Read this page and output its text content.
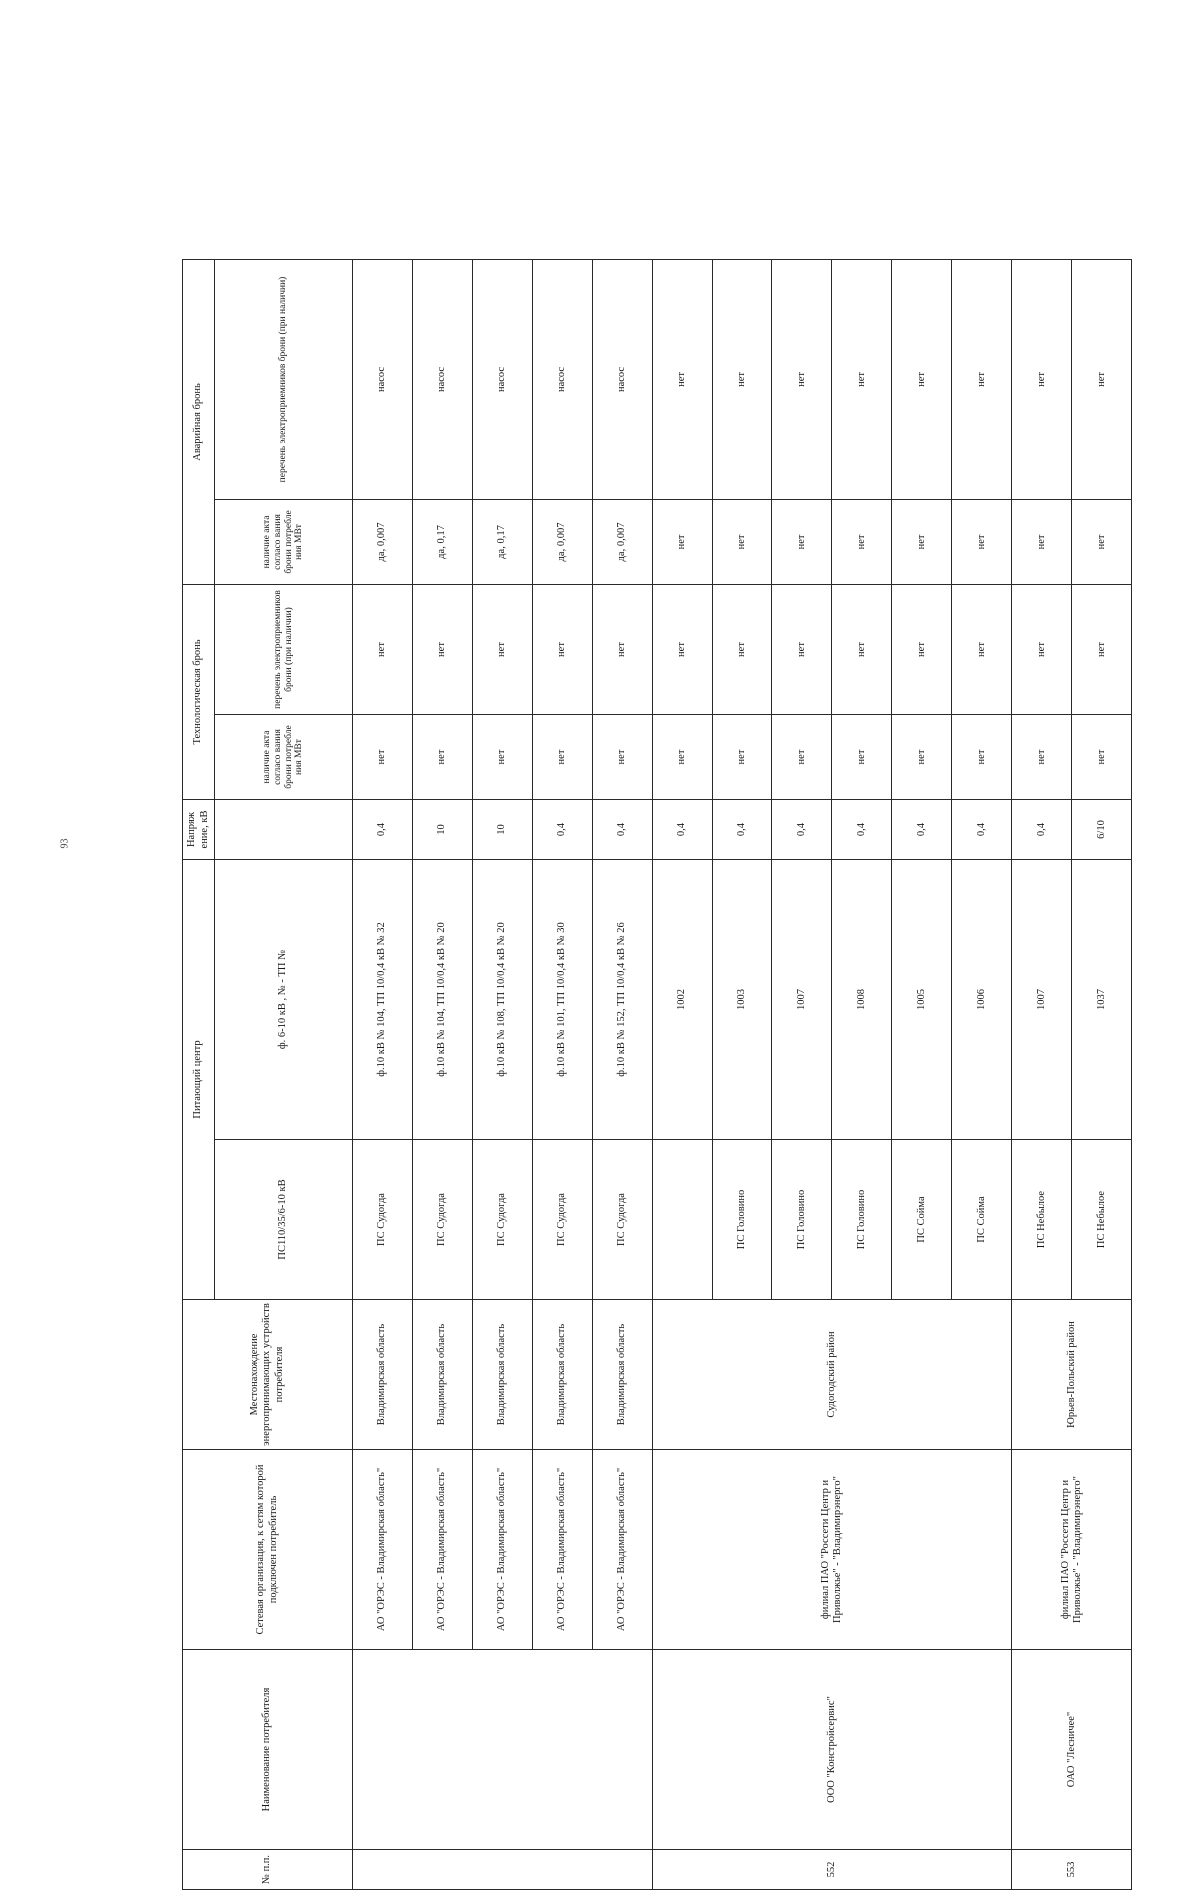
93
№ п.п.	Наименование потребителя	Сетевая организация, к сетям которой подключен потребитель	Местонахождение энергопринимающих устройств потребителя	Питающий центр		Напряж ение, кВ	Технологическая бронь		Аварийная бронь	
				ПС110/35/6-10 кВ	ф. 6-10 кВ , № - ТП №		наличие акта согласо вания брони потребле ния МВт	перечень электроприемников брони (при наличии)	наличие акта согласо вания брони потребле ния МВт	перечень электроприемников брони (при наличии)
		АО "ОРЭС - Владимирская область"	Владимирская область	ПС Судогда	ф.10 кВ № 104, ТП 10/0,4 кВ № 32	0,4	нет	нет	да, 0,007	насос
		АО "ОРЭС - Владимирская область"	Владимирская область	ПС Судогда	ф.10 кВ № 104, ТП 10/0,4 кВ № 20	10	нет	нет	да, 0,17	насос
		АО "ОРЭС - Владимирская область"	Владимирская область	ПС Судогда	ф.10 кВ № 108, ТП 10/0,4 кВ № 20	10	нет	нет	да, 0,17	насос
		АО "ОРЭС - Владимирская область"	Владимирская область	ПС Судогда	ф.10 кВ № 101, ТП 10/0,4 кВ № 30	0,4	нет	нет	да, 0,007	насос
		АО "ОРЭС - Владимирская область"	Владимирская область	ПС Судогда	ф.10 кВ № 152, ТП 10/0,4 кВ № 26	0,4	нет	нет	да, 0,007	насос
552	ООО "Констройсервис"	филиал ПАО "Россети Центр и Приволжье" - "Владимирэнерго"	Судогодский район		1002	0,4	нет	нет	нет	нет
				ПС Головино	1003	0,4	нет	нет	нет	нет
				ПС Головино	1007	0,4	нет	нет	нет	нет
				ПС Головино	1008	0,4	нет	нет	нет	нет
				ПС Сойма	1005	0,4	нет	нет	нет	нет
				ПС Сойма	1006	0,4	нет	нет	нет	нет
553	ОАО "Лесничее"	филиал ПАО "Россети Центр и Приволжье" - "Владимирэнерго"	Юрьев-Польский район	ПС Небылое	1007	0,4	нет	нет	нет	нет
				ПС Небылое	1037	6/10	нет	нет	нет	нет
